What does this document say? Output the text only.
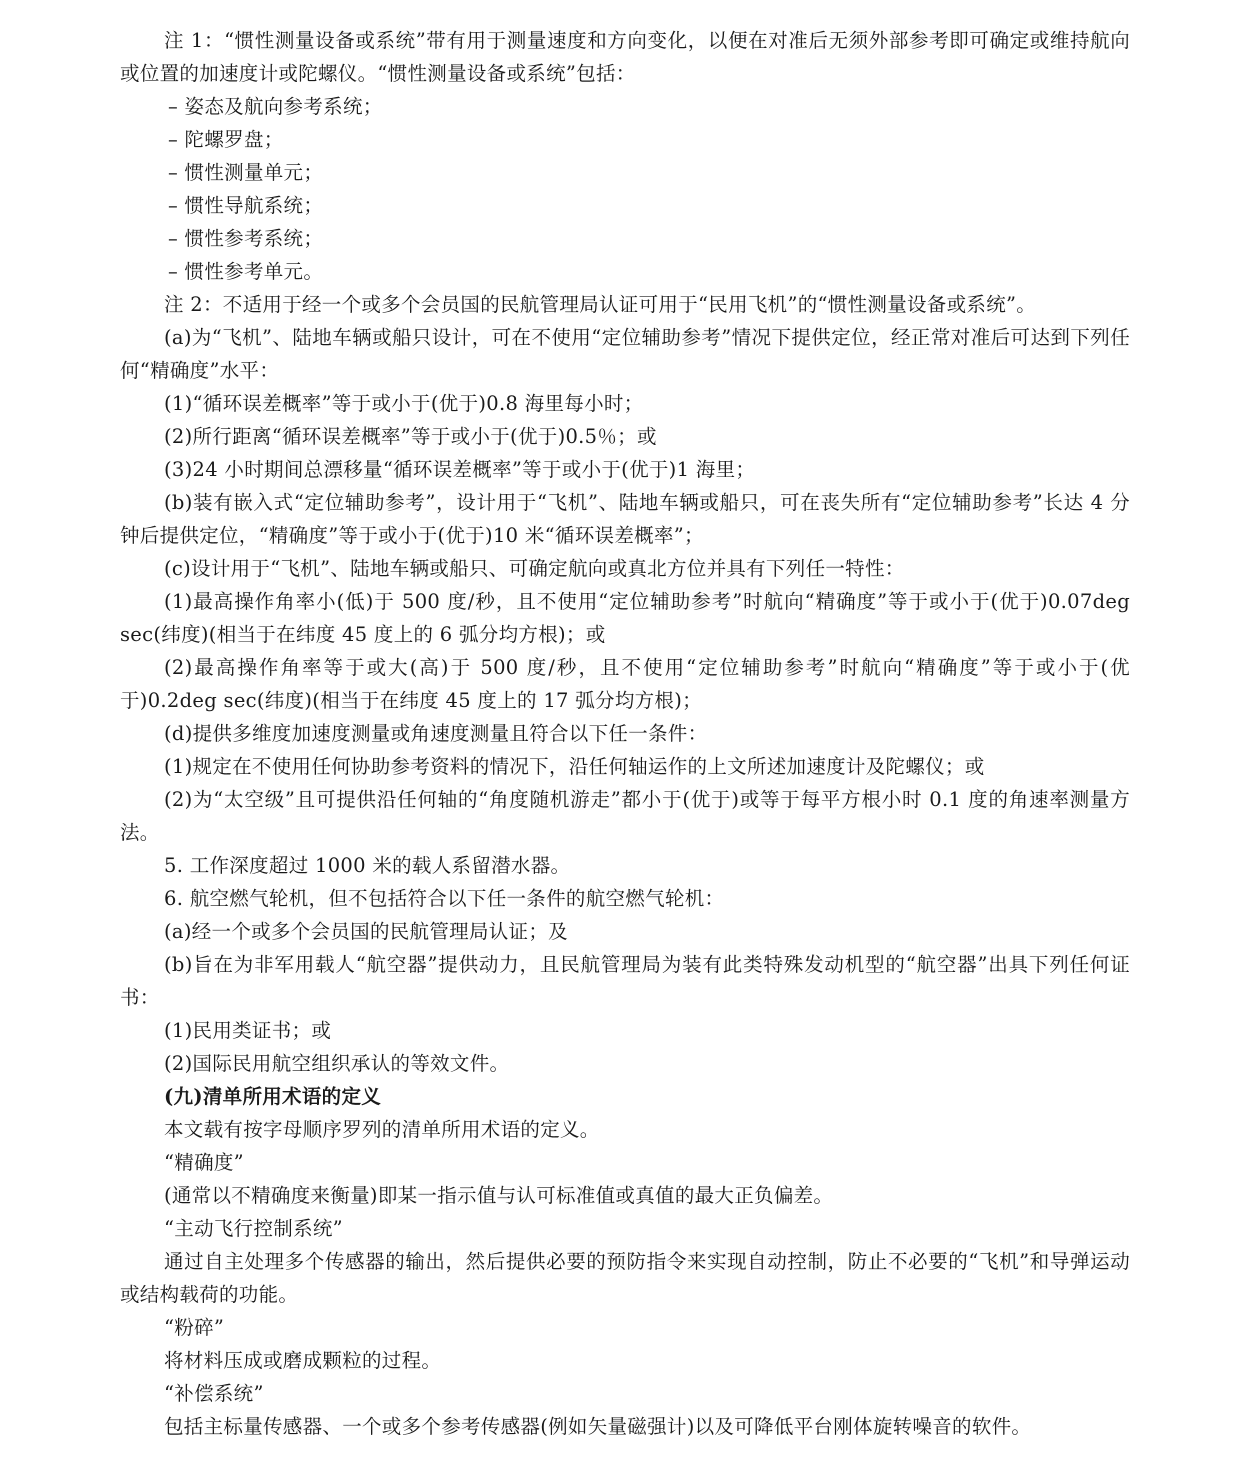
注 1：“惯性测量设备或系统”带有用于测量速度和方向变化，以便在对准后无须外部参考即可确定或维持航向或位置的加速度计或陀螺仪。“惯性测量设备或系统”包括：

– 姿态及航向参考系统；

– 陀螺罗盘；

– 惯性测量单元；

– 惯性导航系统；

– 惯性参考系统；

– 惯性参考单元。

注 2：不适用于经一个或多个会员国的民航管理局认证可用于“民用飞机”的“惯性测量设备或系统”。

(a)为“飞机”、陆地车辆或船只设计，可在不使用“定位辅助参考”情况下提供定位，经正常对准后可达到下列任何“精确度”水平：

(1)“循环误差概率”等于或小于(优于)0.8 海里每小时；

(2)所行距离“循环误差概率”等于或小于(优于)0.5％；或

(3)24 小时期间总漂移量“循环误差概率”等于或小于(优于)1 海里；

(b)装有嵌入式“定位辅助参考”，设计用于“飞机”、陆地车辆或船只，可在丧失所有“定位辅助参考”长达 4 分钟后提供定位，“精确度”等于或小于(优于)10 米“循环误差概率”；

(c)设计用于“飞机”、陆地车辆或船只、可确定航向或真北方位并具有下列任一特性：

(1)最高操作角率小(低)于 500 度/秒，且不使用“定位辅助参考”时航向“精确度”等于或小于(优于)0.07deg sec(纬度)(相当于在纬度 45 度上的 6 弧分均方根)；或

(2)最高操作角率等于或大(高)于 500 度/秒，且不使用“定位辅助参考”时航向“精确度”等于或小于(优于)0.2deg sec(纬度)(相当于在纬度 45 度上的 17 弧分均方根)；

(d)提供多维度加速度测量或角速度测量且符合以下任一条件：

(1)规定在不使用任何协助参考资料的情况下，沿任何轴运作的上文所述加速度计及陀螺仪；或

(2)为“太空级”且可提供沿任何轴的“角度随机游走”都小于(优于)或等于每平方根小时 0.1 度的角速率测量方法。

5. 工作深度超过 1000 米的载人系留潜水器。

6. 航空燃气轮机，但不包括符合以下任一条件的航空燃气轮机：

(a)经一个或多个会员国的民航管理局认证；及

(b)旨在为非军用载人“航空器”提供动力，且民航管理局为装有此类特殊发动机型的“航空器”出具下列任何证书：

(1)民用类证书；或

(2)国际民用航空组织承认的等效文件。

(九)清单所用术语的定义

本文载有按字母顺序罗列的清单所用术语的定义。

“精确度”

(通常以不精确度来衡量)即某一指示值与认可标准值或真值的最大正负偏差。

“主动飞行控制系统”

通过自主处理多个传感器的输出，然后提供必要的预防指令来实现自动控制，防止不必要的“飞机”和导弹运动或结构载荷的功能。

“粉碎”

将材料压成或磨成颗粒的过程。

“补偿系统”

包括主标量传感器、一个或多个参考传感器(例如矢量磁强计)以及可降低平台刚体旋转噪音的软件。
